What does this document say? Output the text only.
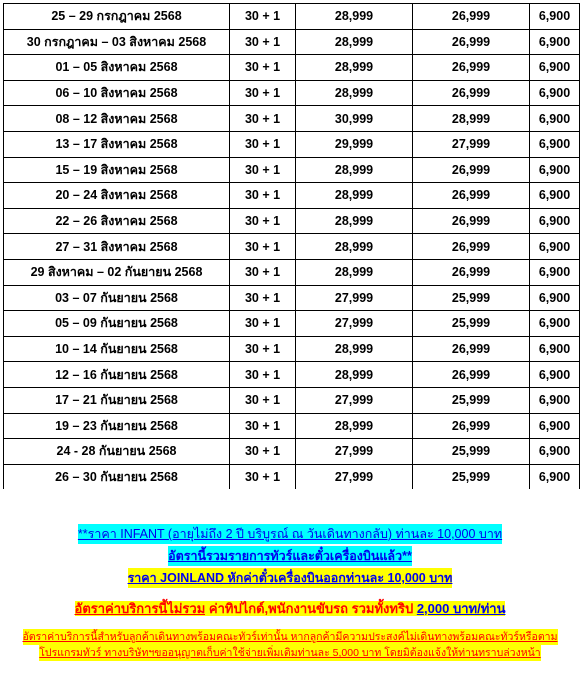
25 – 29 กรกฎาคม 2568	30 + 1	28,999	26,999	6,900
30 กรกฎาคม – 03 สิงหาคม 2568	30 + 1	28,999	26,999	6,900
01 – 05 สิงหาคม 2568	30 + 1	28,999	26,999	6,900
06 – 10 สิงหาคม 2568	30 + 1	28,999	26,999	6,900
08 – 12 สิงหาคม 2568	30 + 1	30,999	28,999	6,900
13 – 17 สิงหาคม 2568	30 + 1	29,999	27,999	6,900
15 – 19 สิงหาคม 2568	30 + 1	28,999	26,999	6,900
20 – 24 สิงหาคม 2568	30 + 1	28,999	26,999	6,900
22 – 26 สิงหาคม 2568	30 + 1	28,999	26,999	6,900
27 – 31 สิงหาคม 2568	30 + 1	28,999	26,999	6,900
29 สิงหาคม – 02 กันยายน 2568	30 + 1	28,999	26,999	6,900
03 – 07 กันยายน 2568	30 + 1	27,999	25,999	6,900
05 – 09 กันยายน 2568	30 + 1	27,999	25,999	6,900
10 – 14 กันยายน 2568	30 + 1	28,999	26,999	6,900
12 – 16 กันยายน 2568	30 + 1	28,999	26,999	6,900
17 – 21 กันยายน 2568	30 + 1	27,999	25,999	6,900
19 – 23 กันยายน 2568	30 + 1	28,999	26,999	6,900
24 - 28 กันยายน 2568	30 + 1	27,999	25,999	6,900
26 – 30 กันยายน 2568	30 + 1	27,999	25,999	6,900
**ราคา INFANT (อายุไม่ถึง 2 ปี บริบูรณ์ ณ วันเดินทางกลับ) ท่านละ 10,000 บาท
อัตรานี้รวมรายการทัวร์และตั๋วเครื่องบินแล้ว**
ราคา JOINLAND หักค่าตั๋วเครื่องบินออกท่านละ 10,000 บาท
อัตราค่าบริการนี้ไม่รวม ค่าทิปไกด์,พนักงานขับรถ รวมทั้งทริป 2,000 บาท/ท่าน
อัตราค่าบริการนี้สำหรับลูกค้าเดินทางพร้อมคณะทัวร์เท่านั้น หากลูกค้ามีความประสงค์ไม่เดินทางพร้อมคณะทัวร์หรือตาม
โปรแกรมทัวร์ ทางบริษัทฯขออนุญาตเก็บค่าใช้จ่ายเพิ่มเติมท่านละ 5,000 บาท โดยมิต้องแจ้งให้ท่านทราบล่วงหน้า
